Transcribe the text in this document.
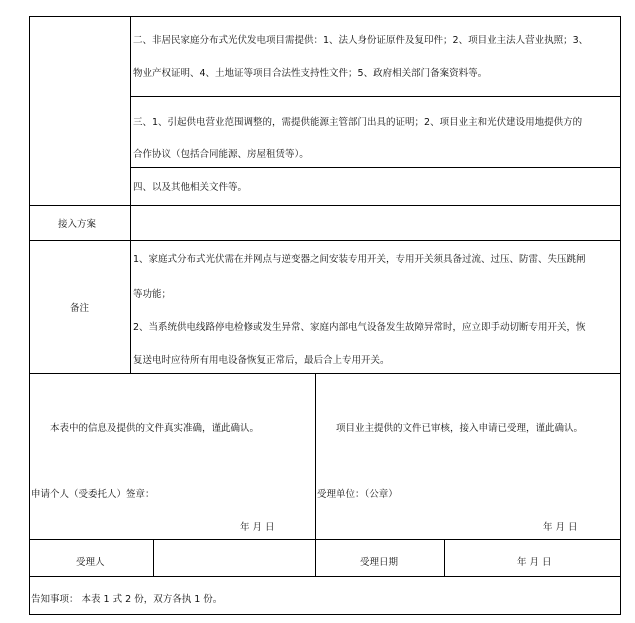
二、非居民家庭分布式光伏发电项目需提供：1、法人身份证原件及复印件；2、项目业主法人营业执照；3、
物业产权证明、4、土地证等项目合法性支持性文件；5、政府相关部门备案资料等。
三、1、引起供电营业范围调整的，需提供能源主管部门出具的证明；2、项目业主和光伏建设用地提供方的
合作协议（包括合同能源、房屋租赁等）。
四、以及其他相关文件等。
接入方案
备注
1、家庭式分布式光伏需在并网点与逆变器之间安装专用开关，专用开关须具备过流、过压、防雷、失压跳闸
等功能；
2、当系统供电线路停电检修或发生异常、家庭内部电气设备发生故障异常时，应立即手动切断专用开关，恢
复送电时应待所有用电设备恢复正常后，最后合上专用开关。
本表中的信息及提供的文件真实准确，谨此确认。
申请个人（受委托人）签章：
年 月 日
项目业主提供的文件已审核，接入申请已受理，谨此确认。
受理单位：（公章）
年 月 日
受理人	受理日期	年 月 日
告知事项： 本表 1 式 2 份，双方各执 1 份。
